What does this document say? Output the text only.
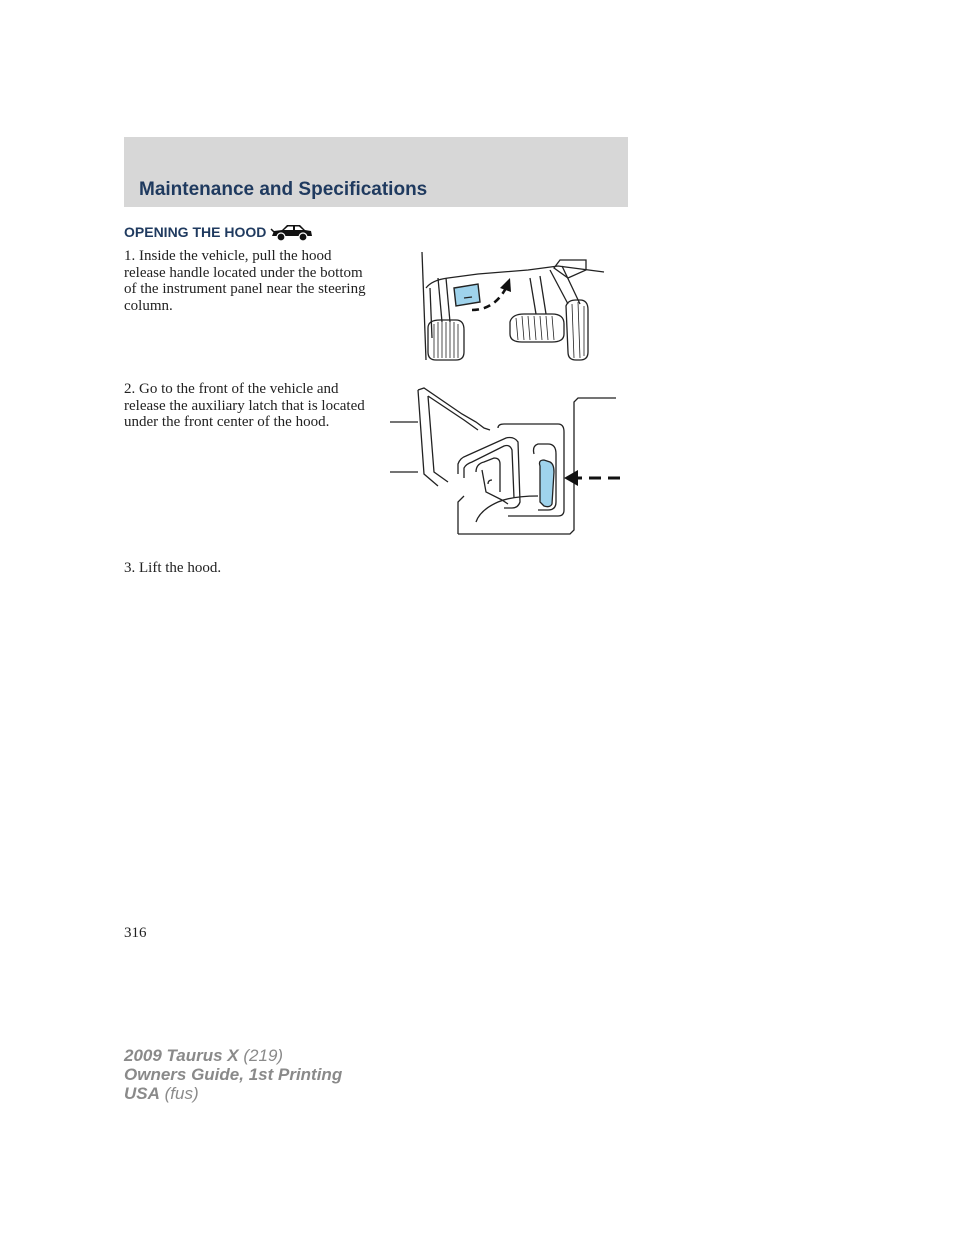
Maintenance and Specifications
OPENING THE HOOD

1. Inside the vehicle, pull the hood release handle located under the bottom of the instrument panel near the steering column.

2. Go to the front of the vehicle and release the auxiliary latch that is located under the front center of the hood.

3. Lift the hood.

316

2009 Taurus X (219)
Owners Guide, 1st Printing
USA (fus)
